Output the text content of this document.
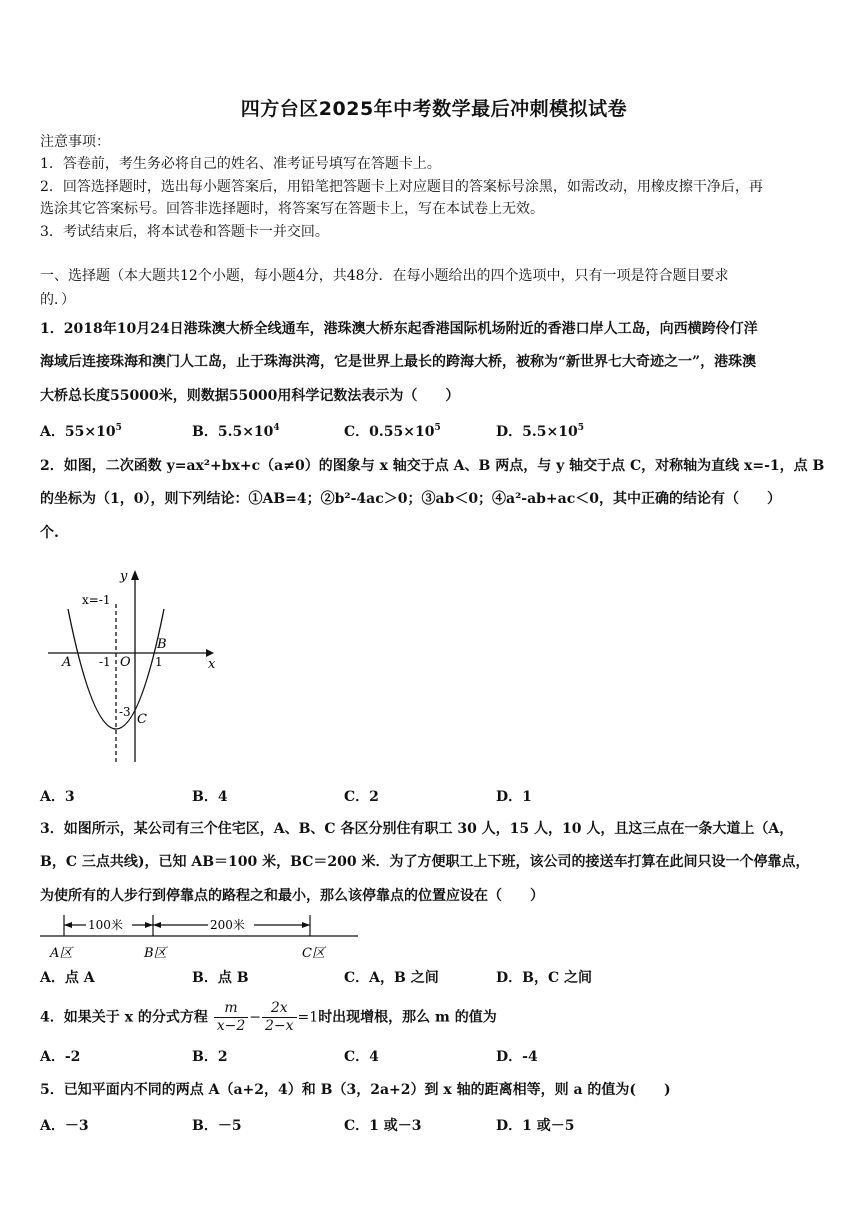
四方台区2025年中考数学最后冲刺模拟试卷
注意事项：
1．答卷前，考生务必将自己的姓名、准考证号填写在答题卡上。
2．回答选择题时，选出每小题答案后，用铅笔把答题卡上对应题目的答案标号涂黑，如需改动，用橡皮擦干净后，再
选涂其它答案标号。回答非选择题时，将答案写在答题卡上，写在本试卷上无效。
3．考试结束后，将本试卷和答题卡一并交回。
一、选择题（本大题共12个小题，每小题4分，共48分．在每小题给出的四个选项中，只有一项是符合题目要求
的．）
1．2018年10月24日港珠澳大桥全线通车，港珠澳大桥东起香港国际机场附近的香港口岸人工岛，向西横跨伶仃洋
海域后连接珠海和澳门人工岛，止于珠海洪湾，它是世界上最长的跨海大桥，被称为“新世界七大奇迹之一”，港珠澳
大桥总长度55000米，则数据55000用科学记数法表示为（　　）
A．$55\times 10^5$	B．$5.5\times 10^4$	C．$0.55\times 10^5$	D．$5.5\times 10^5$
2．如图，二次函数 y=ax²+bx+c（a≠0）的图象与 x 轴交于点 A、B 两点，与 y 轴交于点 C，对称轴为直线 x=-1，点 B
的坐标为（1，0），则下列结论：①AB=4；②b²-4ac＞0；③ab＜0；④a²-ab+ac＜0，其中正确的结论有（　　）
个.
y
x
x=-1
A
B
O
-1	1
-3 C
A．3	B．4	C．2	D．1
3．如图所示，某公司有三个住宅区，A、B、C 各区分别住有职工 30 人，15 人，10 人，且这三点在一条大道上（A，
B，C 三点共线)，已知 AB＝100 米，BC＝200 米．为了方便职工上下班，该公司的接送车打算在此间只设一个停靠点，
为使所有的人步行到停靠点的路程之和最小，那么该停靠点的位置应设在（　　）
100米	200米
A区	B区	C区
A．点 A	B．点 B	C．A，B 之间	D．B，C 之间
4．如果关于 x 的分式方程 $\frac{m}{x-2} - \frac{2x}{2-x} =1$时出现增根，那么 m 的值为
A．-2	B．2	C．4	D．-4
5．已知平面内不同的两点 A（a+2，4）和 B（3，2a+2）到 x 轴的距离相等，则 a 的值为(　　)
A．－3	B．－5	C．1 或－3	D．1 或－5
